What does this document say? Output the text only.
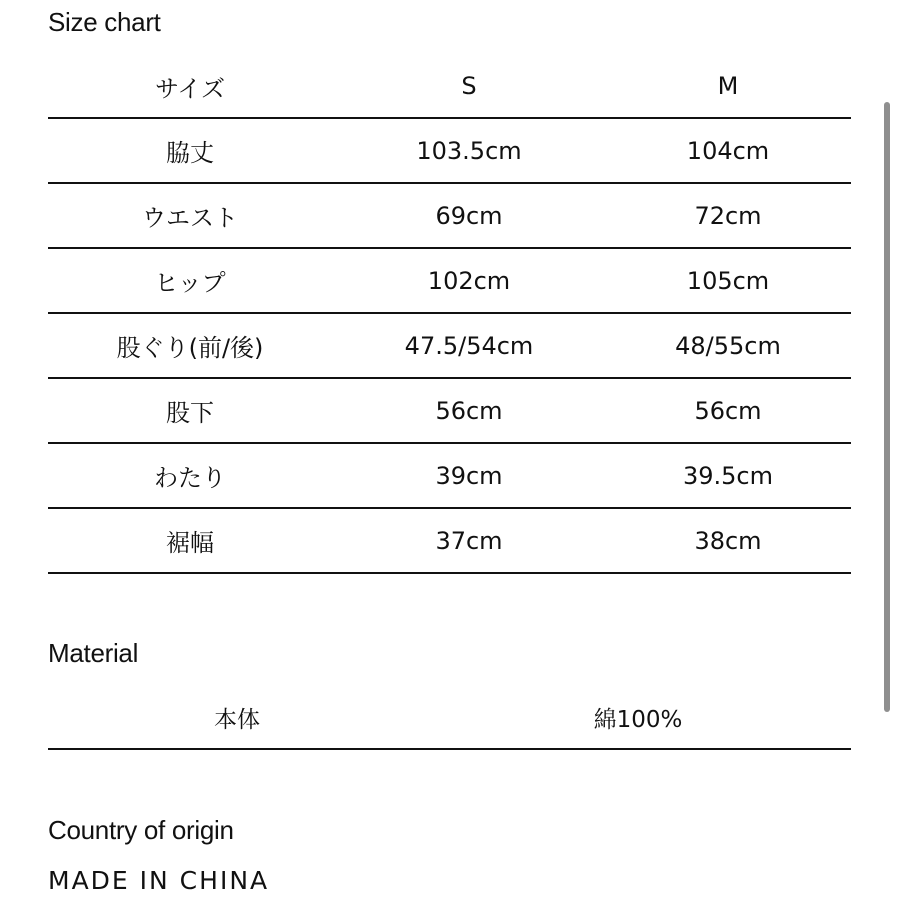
Size chart
サイズ	S	M
脇丈	103.5cm	104cm
ウエスト	69cm	72cm
ヒップ	102cm	105cm
股ぐり(前/後)	47.5/54cm	48/55cm
股下	56cm	56cm
わたり	39cm	39.5cm
裾幅	37cm	38cm
Material
本体	綿100%
Country of origin
MADE IN CHINA
